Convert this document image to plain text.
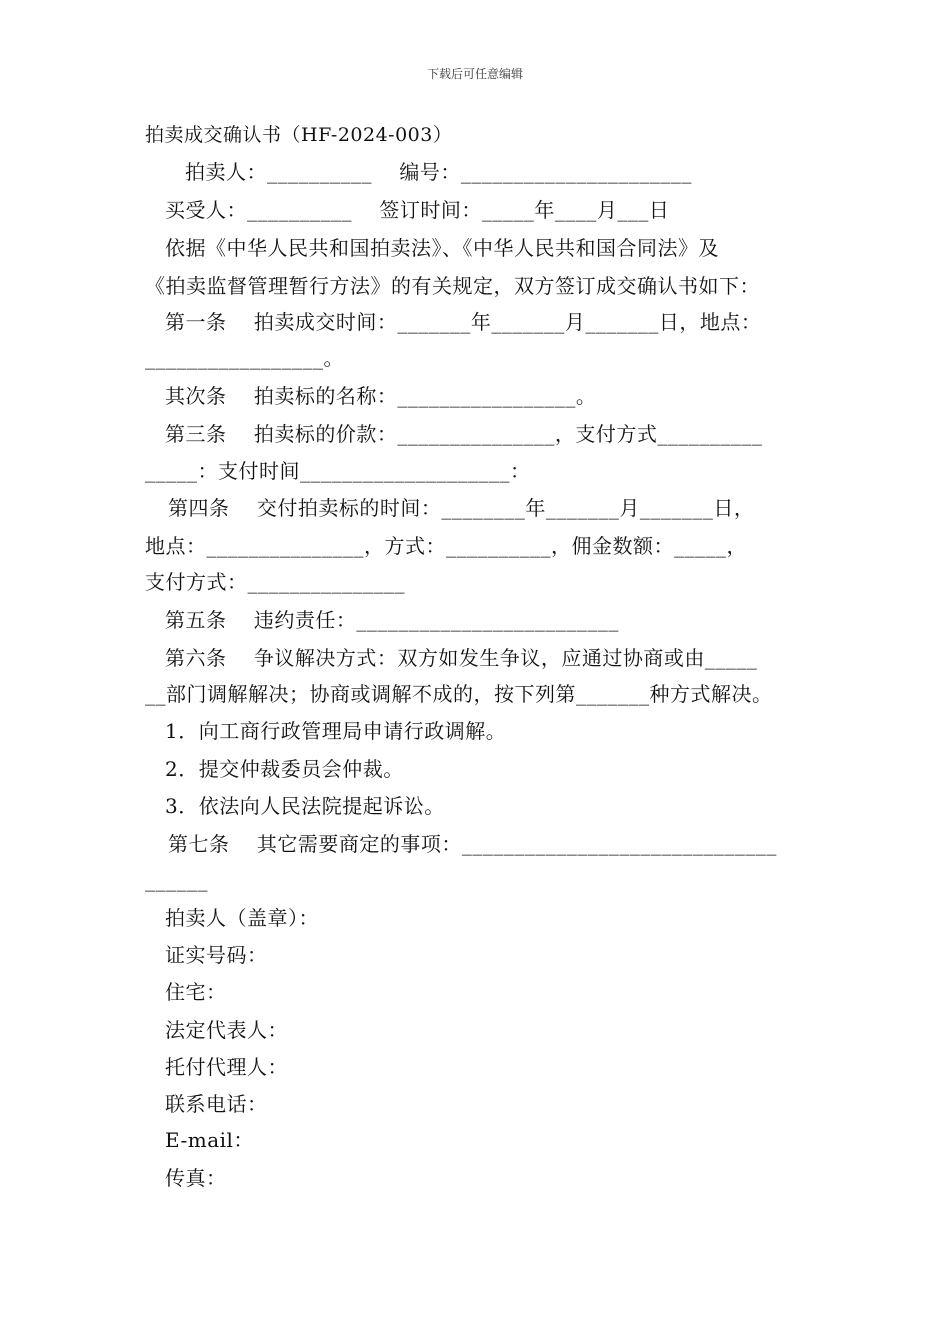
下载后可任意编辑
拍卖成交确认书（HF-2024-003）
拍卖人：__________    编号：______________________
买受人：__________    签订时间：_____年____月___日
依据《中华人民共和国拍卖法》、《中华人民共和国合同法》及
《拍卖监督管理暂行方法》的有关规定，双方签订成交确认书如下：
第一条    拍卖成交时间：_______年_______月_______日，地点：
_________________。
其次条    拍卖标的名称：_________________。
第三条    拍卖标的价款：_______________，支付方式__________
_____：支付时间____________________：
第四条    交付拍卖标的时间：________年_______月_______日，
地点：_______________，方式：__________，佣金数额：_____，
支付方式：_______________
第五条    违约责任：_________________________
第六条    争议解决方式：双方如发生争议，应通过协商或由_____
__部门调解解决；协商或调解不成的，按下列第_______种方式解决。
1．向工商行政管理局申请行政调解。
2．提交仲裁委员会仲裁。
3．依法向人民法院提起诉讼。
第七条    其它需要商定的事项：______________________________
______
拍卖人（盖章）：
证实号码：
住宅：
法定代表人：
托付代理人：
联系电话：
E-mail：
传真：
